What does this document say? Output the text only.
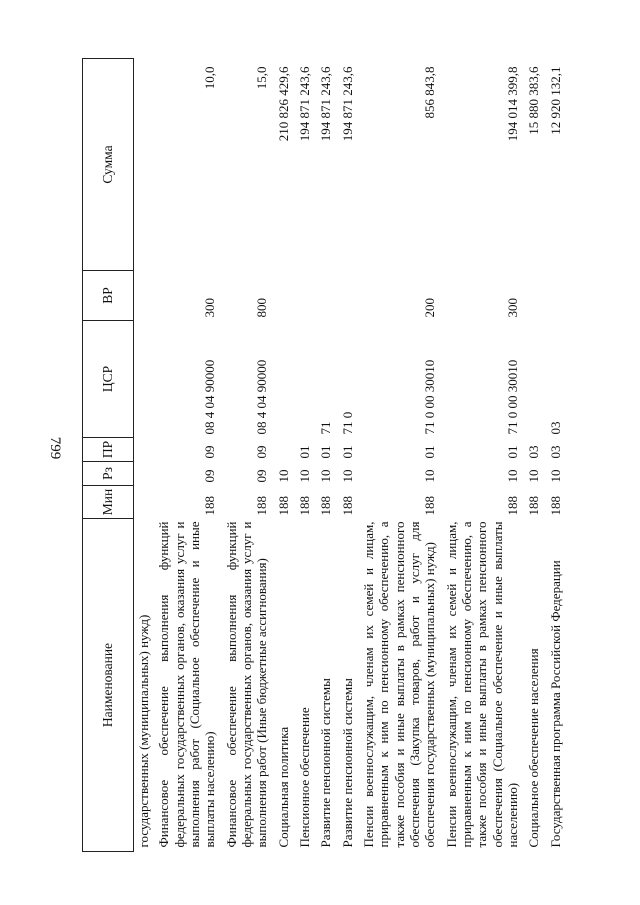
799
Наименование	Мин	Рз	ПР	ЦСР	ВР	Сумма
государственных (муниципальных) нужд)						
Финансовое обеспечение выполнения функций федеральных государственных органов, оказания услуг и выполнения работ (Социальное обеспечение и иные выплаты населению)	188	09	09	08 4 04 90000	300	10,0
Финансовое обеспечение выполнения функций федеральных государственных органов, оказания услуг и выполнения работ (Иные бюджетные ассигнования)	188	09	09	08 4 04 90000	800	15,0
Социальная политика	188	10				210 826 429,6
Пенсионное обеспечение	188	10	01			194 871 243,6
Развитие пенсионной системы	188	10	01	71		194 871 243,6
Развитие пенсионной системы	188	10	01	71 0		194 871 243,6
Пенсии военнослужащим, членам их семей и лицам, приравненным к ним по пенсионному обеспечению, а также пособия и иные выплаты в рамках пенсионного обеспечения (Закупка товаров, работ и услуг для обеспечения государственных (муниципальных) нужд)	188	10	01	71 0 00 30010	200	856 843,8
Пенсии военнослужащим, членам их семей и лицам, приравненным к ним по пенсионному обеспечению, а также пособия и иные выплаты в рамках пенсионного обеспечения (Социальное обеспечение и иные выплаты населению)	188	10	01	71 0 00 30010	300	194 014 399,8
Социальное обеспечение населения	188	10	03			15 880 383,6
Государственная программа Российской Федерации	188	10	03	03		12 920 132,1
